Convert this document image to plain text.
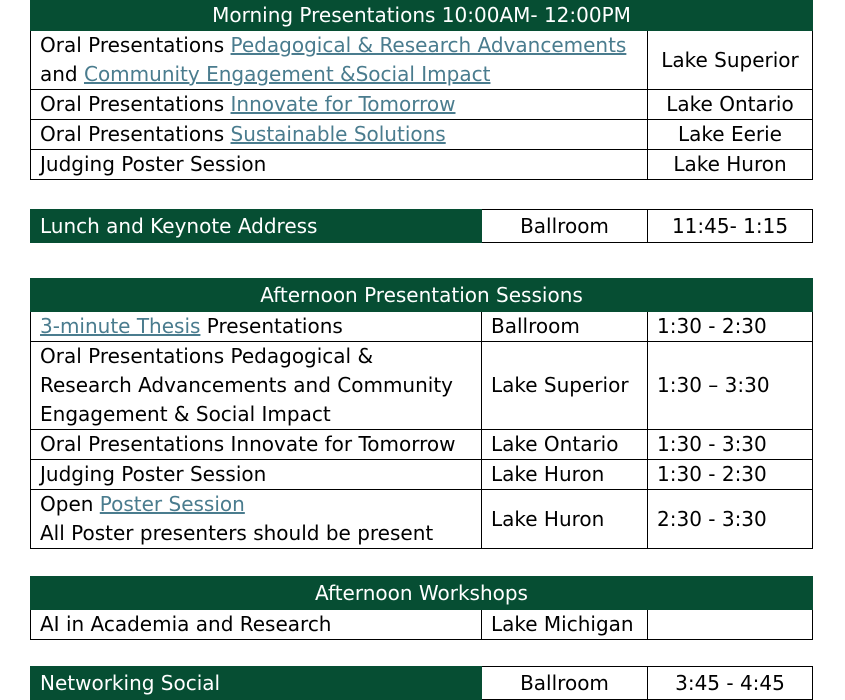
Morning Presentations 10:00AM- 12:00PM	
Oral Presentations Pedagogical & Research Advancements
and Community Engagement &Social Impact	Lake Superior
Oral Presentations Innovate for Tomorrow	Lake Ontario
Oral Presentations Sustainable Solutions	Lake Eerie
Judging Poster Session	Lake Huron
Lunch and Keynote Address	Ballroom	11:45- 1:15
Afternoon Presentation Sessions		
3-minute Thesis Presentations	Ballroom	1:30 - 2:30
Oral Presentations Pedagogical &
Research Advancements and Community
Engagement & Social Impact	Lake Superior	1:30 – 3:30
Oral Presentations Innovate for Tomorrow	Lake Ontario	1:30 - 3:30
Judging Poster Session	Lake Huron	1:30 - 2:30
Open Poster Session
All Poster presenters should be present	Lake Huron	2:30 - 3:30
Afternoon Workshops
AI in Academia and Research	Lake Michigan	
Networking Social	Ballroom	3:45 - 4:45
